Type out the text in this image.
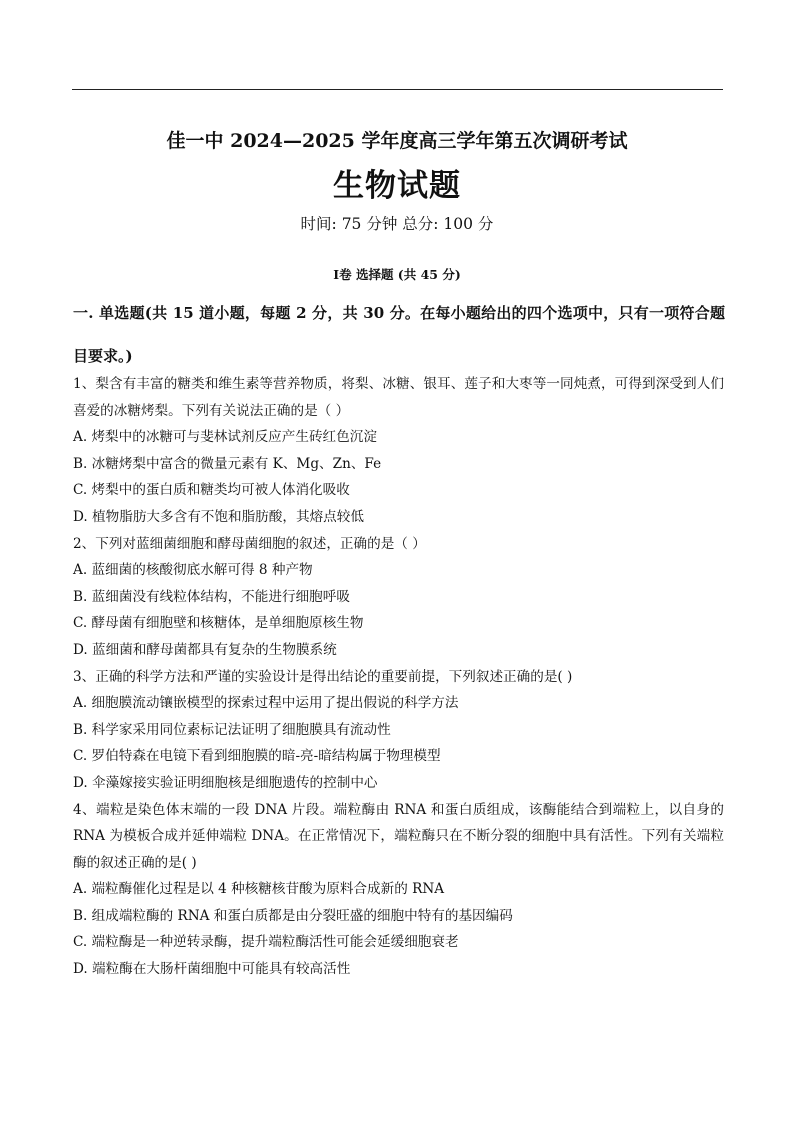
佳一中 2024—2025 学年度高三学年第五次调研考试
生物试题
时间: 75 分钟 总分: 100 分
Ⅰ卷 选择题 (共 45 分)
一. 单选题(共 15 道小题，每题 2 分，共 30 分。在每小题给出的四个选项中，只有一项符合题目要求。)

1、梨含有丰富的糖类和维生素等营养物质，将梨、冰糖、银耳、莲子和大枣等一同炖煮，可得到深受到人们喜爱的冰糖烤梨。下列有关说法正确的是（ ）

A. 烤梨中的冰糖可与斐林试剂反应产生砖红色沉淀

B. 冰糖烤梨中富含的微量元素有 K、Mg、Zn、Fe

C. 烤梨中的蛋白质和糖类均可被人体消化吸收

D. 植物脂肪大多含有不饱和脂肪酸，其熔点较低

2、下列对蓝细菌细胞和酵母菌细胞的叙述，正确的是（ ）

A. 蓝细菌的核酸彻底水解可得 8 种产物

B. 蓝细菌没有线粒体结构，不能进行细胞呼吸

C. 酵母菌有细胞壁和核糖体，是单细胞原核生物

D. 蓝细菌和酵母菌都具有复杂的生物膜系统

3、正确的科学方法和严谨的实验设计是得出结论的重要前提，下列叙述正确的是( )

A. 细胞膜流动镶嵌模型的探索过程中运用了提出假说的科学方法

B. 科学家采用同位素标记法证明了细胞膜具有流动性

C. 罗伯特森在电镜下看到细胞膜的暗-亮-暗结构属于物理模型

D. 伞藻嫁接实验证明细胞核是细胞遗传的控制中心

4、端粒是染色体末端的一段 DNA 片段。端粒酶由 RNA 和蛋白质组成，该酶能结合到端粒上，以自身的 RNA 为模板合成并延伸端粒 DNA。在正常情况下，端粒酶只在不断分裂的细胞中具有活性。下列有关端粒酶的叙述正确的是( )

A. 端粒酶催化过程是以 4 种核糖核苷酸为原料合成新的 RNA

B. 组成端粒酶的 RNA 和蛋白质都是由分裂旺盛的细胞中特有的基因编码

C. 端粒酶是一种逆转录酶，提升端粒酶活性可能会延缓细胞衰老

D. 端粒酶在大肠杆菌细胞中可能具有较高活性
